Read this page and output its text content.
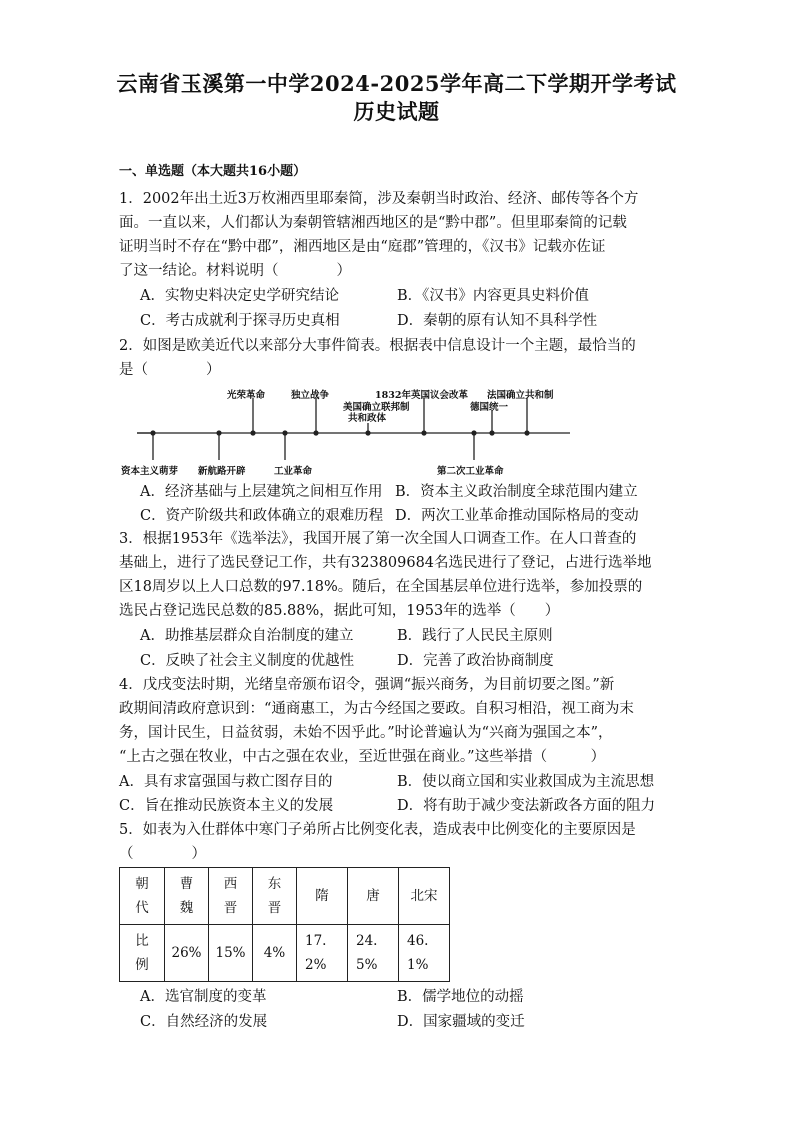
云南省玉溪第一中学2024-2025学年高二下学期开学考试
历史试题
一、单选题（本大题共16小题）
1．2002年出土近3万枚湘西里耶秦简，涉及秦朝当时政治、经济、邮传等各个方
面。一直以来，人们都认为秦朝管辖湘西地区的是“黔中郡”。但里耶秦简的记载
证明当时不存在“黔中郡”，湘西地区是由“庭郡”管理的，《汉书》记载亦佐证
了这一结论。材料说明（　　　　）
A．实物史料决定史学研究结论	B．《汉书》内容更具史料价值
C．考古成就利于探寻历史真相	D．秦朝的原有认知不具科学性
2．如图是欧美近代以来部分大事件简表。根据表中信息设计一个主题，最恰当的
是（　　　　）
光荣革命	独立战争
美国确立联邦制
共和政体
1832年英国议会改革 法国确立共和制
德国统一
资本主义萌芽 新航路开辟	工业革命	第二次工业革命
A．经济基础与上层建筑之间相互作用 B．资本主义政治制度全球范围内建立
C．资产阶级共和政体确立的艰难历程 D．两次工业革命推动国际格局的变动
3．根据1953年《选举法》，我国开展了第一次全国人口调查工作。在人口普查的
基础上，进行了选民登记工作，共有323809684名选民进行了登记，占进行选举地
区18周岁以上人口总数的97.18%。随后，在全国基层单位进行选举，参加投票的
选民占登记选民总数的85.88%，据此可知，1953年的选举（　　）
A．助推基层群众自治制度的建立	B．践行了人民民主原则
C．反映了社会主义制度的优越性	D．完善了政治协商制度
4．戊戌变法时期，光绪皇帝颁布诏令，强调“振兴商务，为目前切要之图。”新
政期间清政府意识到：“通商惠工，为古今经国之要政。自积习相沿，视工商为末
务，国计民生，日益贫弱，未始不因乎此。”时论普遍认为“兴商为强国之本”，
“上古之强在牧业，中古之强在农业，至近世强在商业。”这些举措（　　　）
A．具有求富强国与救亡图存目的	B．使以商立国和实业救国成为主流思想
C．旨在推动民族资本主义的发展	D．将有助于减少变法新政各方面的阻力
5．如表为入仕群体中寒门子弟所占比例变化表，造成表中比例变化的主要原因是
（　　　　）
朝代	曹魏	西晋	东晋	隋	唐	北宋
比例	26%	15%	4%	17.2%	24.5%	46.1%
A．选官制度的变革	B．儒学地位的动摇
C．自然经济的发展	D．国家疆域的变迁
